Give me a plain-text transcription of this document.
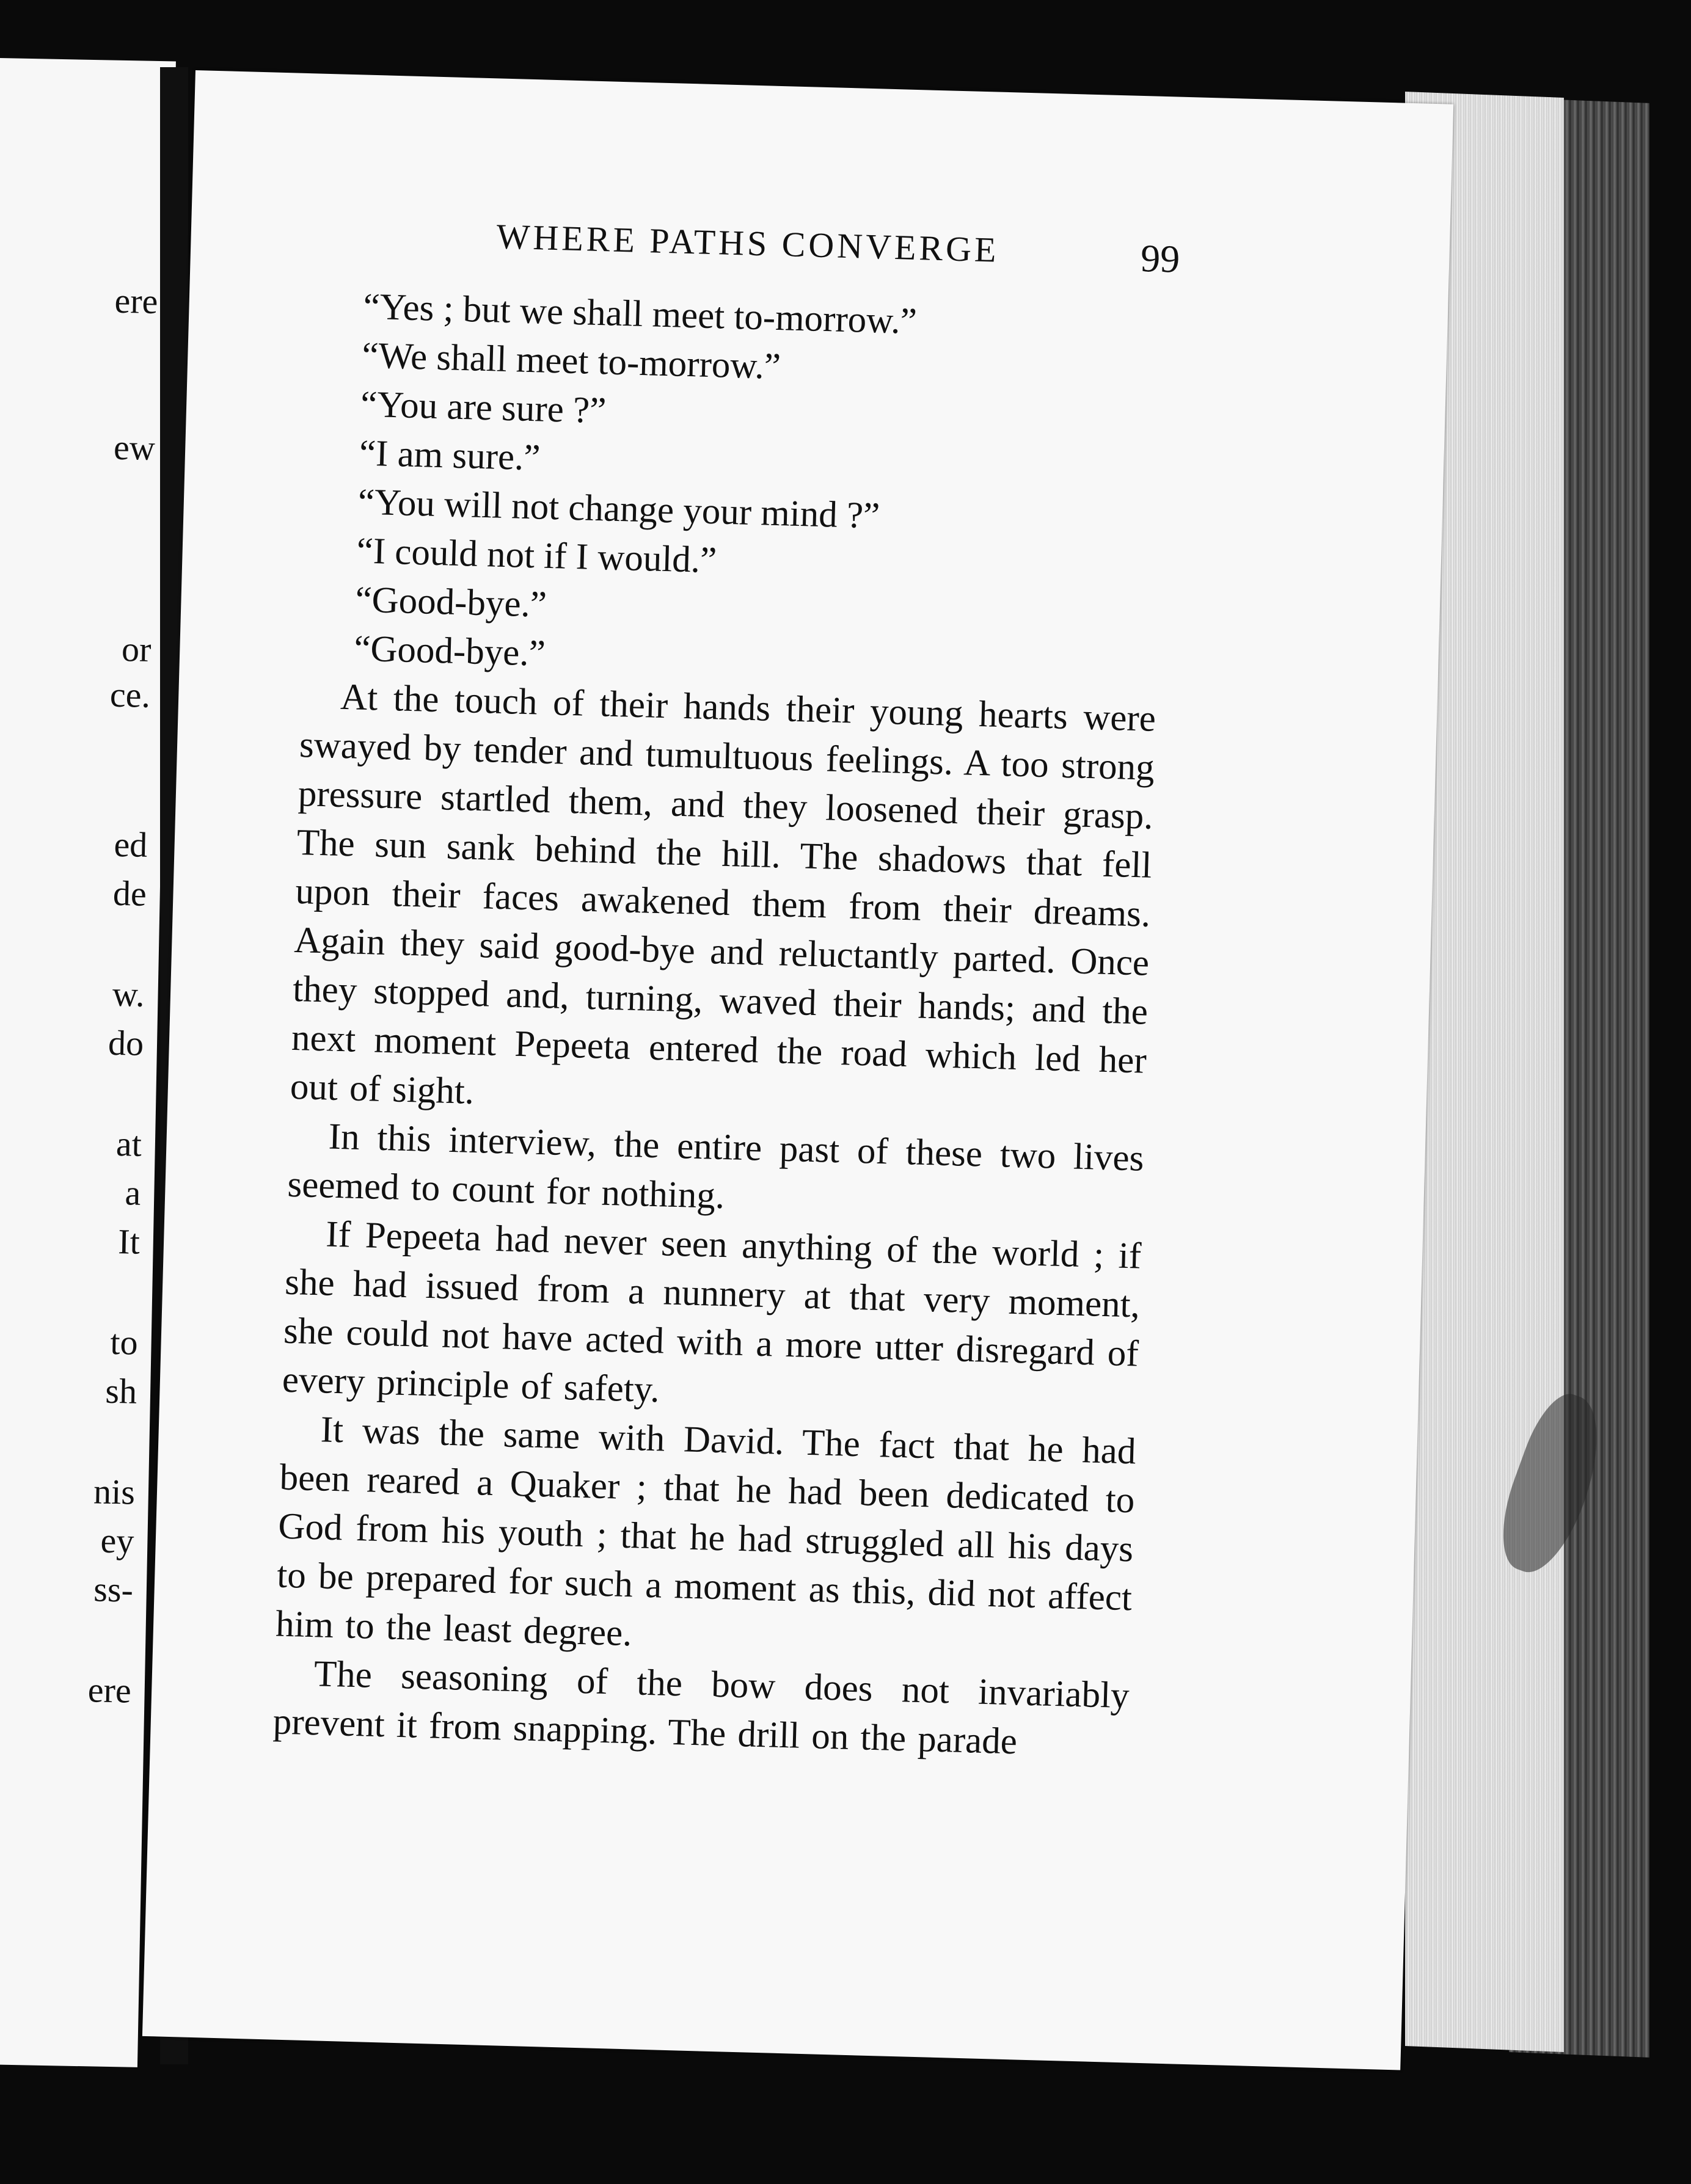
ere
ew
or
ce.
ed
de
w.
do
at
a
It
to
sh
nis
ey
ss-
ere
WHERE PATHS CONVERGE	99

“Yes ; but we shall meet to-morrow.”

“We shall meet to-morrow.”

“You are sure ?”

“I am sure.”

“You will not change your mind ?”

“I could not if I would.”

“Good-bye.”

“Good-bye.”

At the touch of their hands their young hearts were swayed by tender and tumultuous feelings. A too strong pressure startled them, and they loosened their grasp. The sun sank behind the hill. The shadows that fell upon their faces awakened them from their dreams. Again they said good-bye and reluctantly parted. Once they stopped and, turning, waved their hands; and the next moment Pepeeta entered the road which led her out of sight.

In this interview, the entire past of these two lives seemed to count for nothing.

If Pepeeta had never seen anything of the world ; if she had issued from a nunnery at that very moment, she could not have acted with a more utter disregard of every principle of safety.

It was the same with David. The fact that he had been reared a Quaker ; that he had been dedicated to God from his youth ; that he had struggled all his days to be prepared for such a moment as this, did not affect him to the least degree.

The seasoning of the bow does not invariably prevent it from snapping. The drill on the parade
